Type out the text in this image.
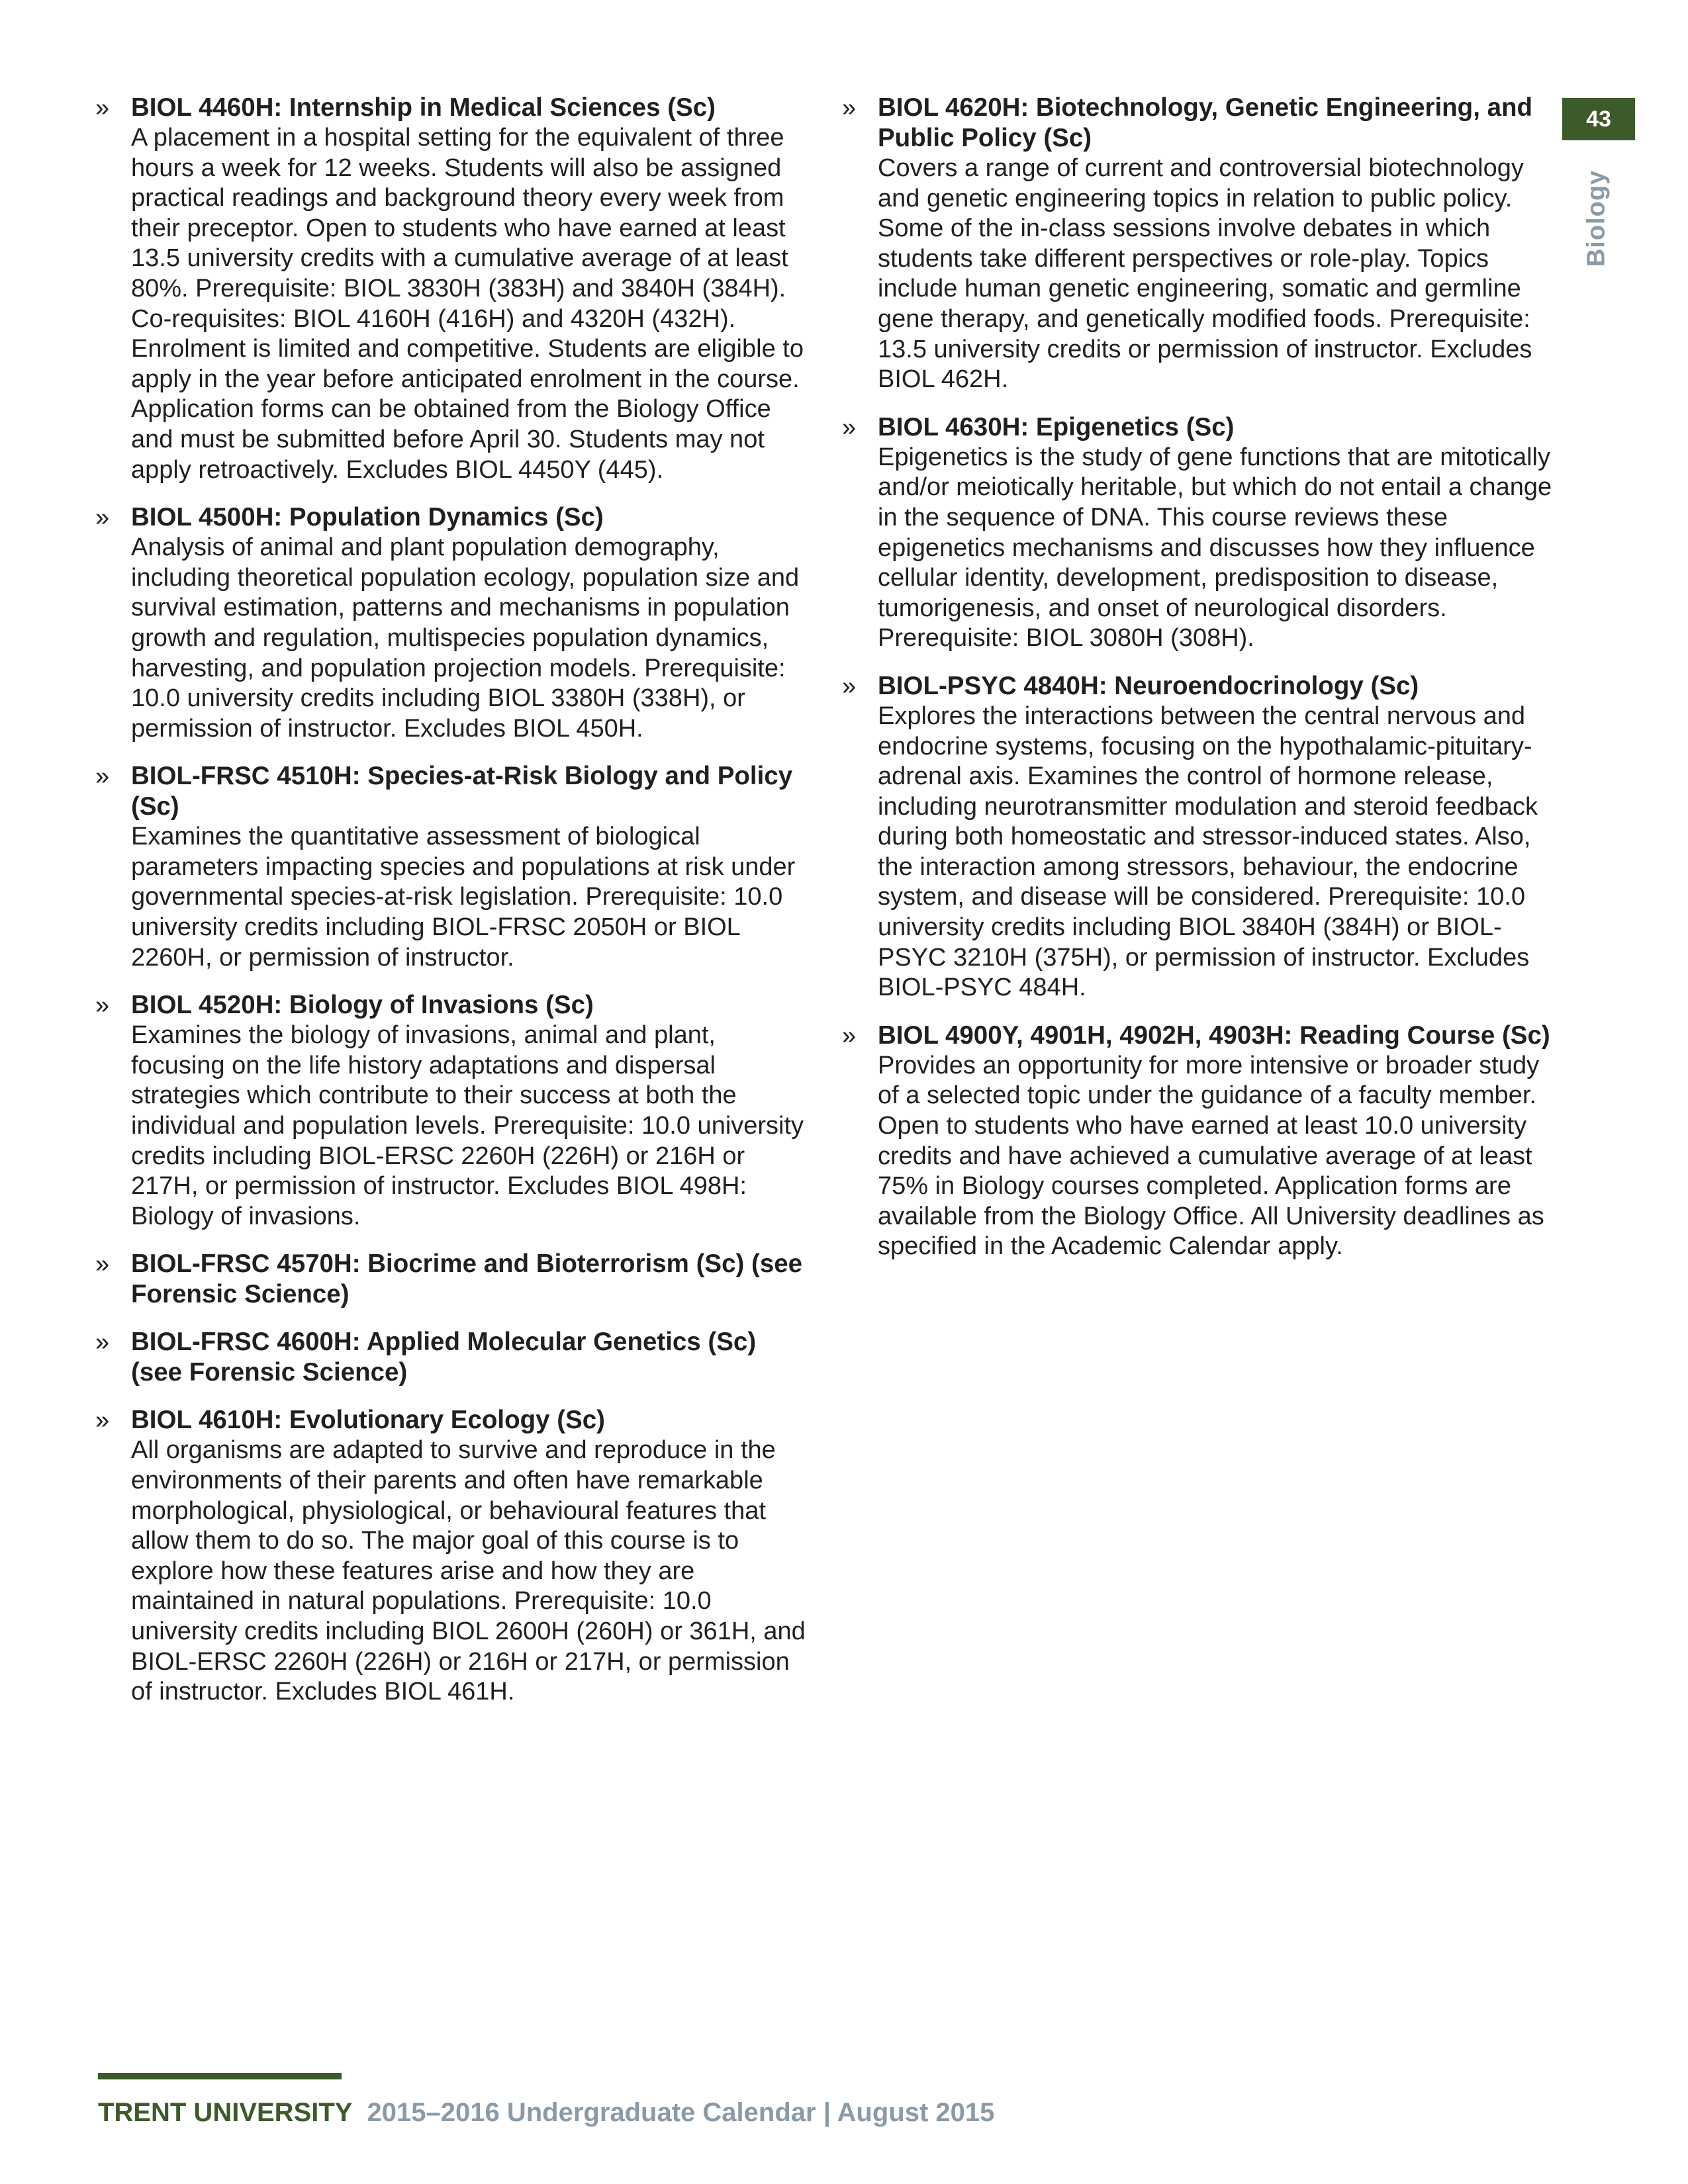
43
Biology
» BIOL 4460H: Internship in Medical Sciences (Sc)

A placement in a hospital setting for the equivalent of three hours a week for 12 weeks. Students will also be assigned practical readings and background theory every week from their preceptor. Open to students who have earned at least 13.5 university credits with a cumulative average of at least 80%. Prerequisite: BIOL 3830H (383H) and 3840H (384H). Co-requisites: BIOL 4160H (416H) and 4320H (432H). Enrolment is limited and competitive. Students are eligible to apply in the year before anticipated enrolment in the course. Application forms can be obtained from the Biology Office and must be submitted before April 30. Students may not apply retroactively. Excludes BIOL 4450Y (445).

» BIOL 4500H: Population Dynamics (Sc)

Analysis of animal and plant population demography, including theoretical population ecology, population size and survival estimation, patterns and mechanisms in population growth and regulation, multispecies population dynamics, harvesting, and population projection models. Prerequisite: 10.0 university credits including BIOL 3380H (338H), or permission of instructor. Excludes BIOL 450H.

» BIOL-FRSC 4510H: Species-at-Risk Biology and Policy (Sc)

Examines the quantitative assessment of biological parameters impacting species and populations at risk under governmental species-at-risk legislation. Prerequisite: 10.0 university credits including BIOL-FRSC 2050H or BIOL 2260H, or permission of instructor.

» BIOL 4520H: Biology of Invasions (Sc)

Examines the biology of invasions, animal and plant, focusing on the life history adaptations and dispersal strategies which contribute to their success at both the individual and population levels. Prerequisite: 10.0 university credits including BIOL-ERSC 2260H (226H) or 216H or 217H, or permission of instructor. Excludes BIOL 498H: Biology of invasions.

» BIOL-FRSC 4570H: Biocrime and Bioterrorism (Sc) (see Forensic Science)

» BIOL-FRSC 4600H: Applied Molecular Genetics (Sc) (see Forensic Science)

» BIOL 4610H: Evolutionary Ecology (Sc)

All organisms are adapted to survive and reproduce in the environments of their parents and often have remarkable morphological, physiological, or behavioural features that allow them to do so. The major goal of this course is to explore how these features arise and how they are maintained in natural populations. Prerequisite: 10.0 university credits including BIOL 2600H (260H) or 361H, and BIOL-ERSC 2260H (226H) or 216H or 217H, or permission of instructor. Excludes BIOL 461H.

» BIOL 4620H: Biotechnology, Genetic Engineering, and Public Policy (Sc)

Covers a range of current and controversial biotechnology and genetic engineering topics in relation to public policy. Some of the in-class sessions involve debates in which students take different perspectives or role-play. Topics include human genetic engineering, somatic and germline gene therapy, and genetically modified foods. Prerequisite: 13.5 university credits or permission of instructor. Excludes BIOL 462H.

» BIOL 4630H: Epigenetics (Sc)

Epigenetics is the study of gene functions that are mitotically and/or meiotically heritable, but which do not entail a change in the sequence of DNA. This course reviews these epigenetics mechanisms and discusses how they influence cellular identity, development, predisposition to disease, tumorigenesis, and onset of neurological disorders. Prerequisite: BIOL 3080H (308H).

» BIOL-PSYC 4840H: Neuroendocrinology (Sc)

Explores the interactions between the central nervous and endocrine systems, focusing on the hypothalamic-pituitary-adrenal axis. Examines the control of hormone release, including neurotransmitter modulation and steroid feedback during both homeostatic and stressor-induced states. Also, the interaction among stressors, behaviour, the endocrine system, and disease will be considered. Prerequisite: 10.0 university credits including BIOL 3840H (384H) or BIOL-PSYC 3210H (375H), or permission of instructor. Excludes BIOL-PSYC 484H.

» BIOL 4900Y, 4901H, 4902H, 4903H: Reading Course (Sc)

Provides an opportunity for more intensive or broader study of a selected topic under the guidance of a faculty member. Open to students who have earned at least 10.0 university credits and have achieved a cumulative average of at least 75% in Biology courses completed. Application forms are available from the Biology Office. All University deadlines as specified in the Academic Calendar apply.

TRENT UNIVERSITY 2015–2016 Undergraduate Calendar | August 2015
